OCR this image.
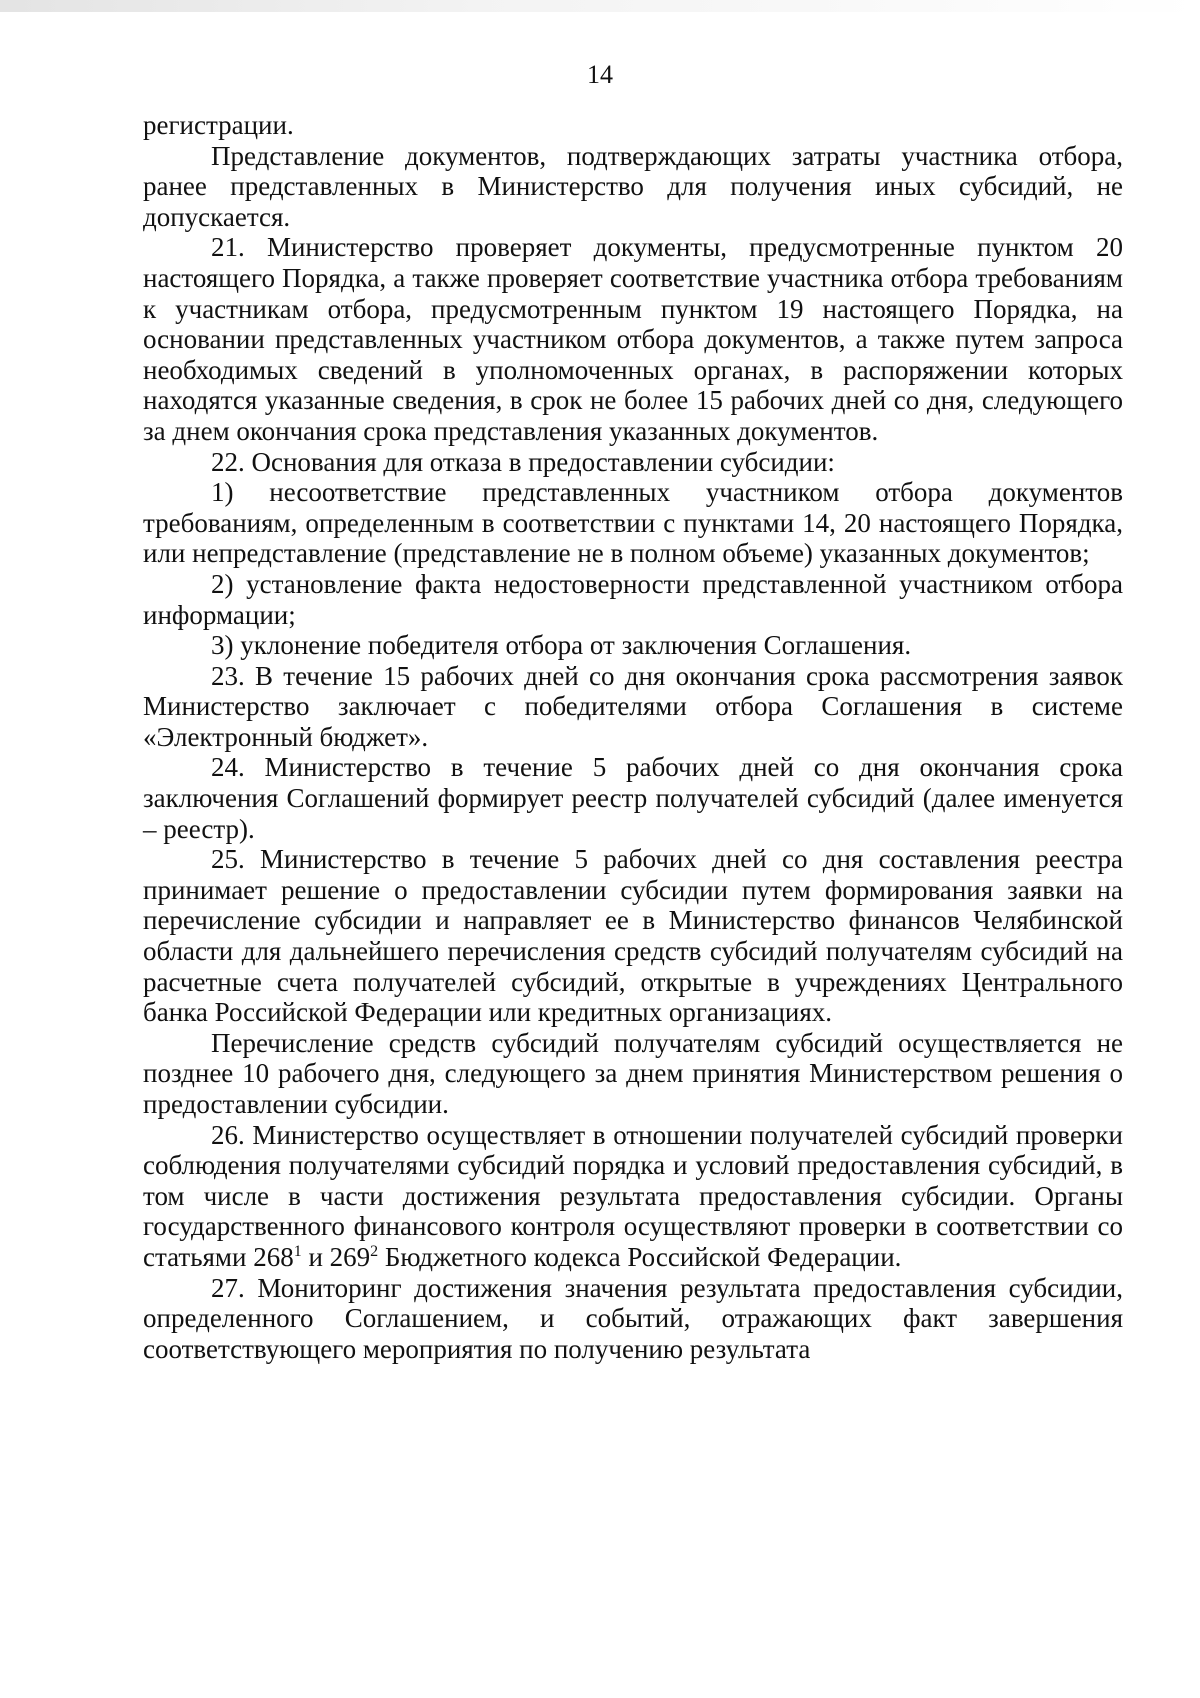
14

регистрации.

Представление документов, подтверждающих затраты участника отбора, ранее представленных в Министерство для получения иных субсидий, не допускается.

21. Министерство проверяет документы, предусмотренные пунктом 20 настоящего Порядка, а также проверяет соответствие участника отбора требованиям к участникам отбора, предусмотренным пунктом 19 настоящего Порядка, на основании представленных участником отбора документов, а также путем запроса необходимых сведений в уполномоченных органах, в распоряжении которых находятся указанные сведения, в срок не более 15 рабочих дней со дня, следующего за днем окончания срока представления указанных документов.

22. Основания для отказа в предоставлении субсидии:

1) несоответствие представленных участником отбора документов требованиям, определенным в соответствии с пунктами 14, 20 настоящего Порядка, или непредставление (представление не в полном объеме) указанных документов;

2) установление факта недостоверности представленной участником отбора информации;

3) уклонение победителя отбора от заключения Соглашения.

23. В течение 15 рабочих дней со дня окончания срока рассмотрения заявок Министерство заключает с победителями отбора Соглашения в системе «Электронный бюджет».

24. Министерство в течение 5 рабочих дней со дня окончания срока заключения Соглашений формирует реестр получателей субсидий (далее именуется – реестр).

25. Министерство в течение 5 рабочих дней со дня составления реестра принимает решение о предоставлении субсидии путем формирования заявки на перечисление субсидии и направляет ее в Министерство финансов Челябинской области для дальнейшего перечисления средств субсидий получателям субсидий на расчетные счета получателей субсидий, открытые в учреждениях Центрального банка Российской Федерации или кредитных организациях.

Перечисление средств субсидий получателям субсидий осуществляется не позднее 10 рабочего дня, следующего за днем принятия Министерством решения о предоставлении субсидии.

26. Министерство осуществляет в отношении получателей субсидий проверки соблюдения получателями субсидий порядка и условий предоставления субсидий, в том числе в части достижения результата предоставления субсидии. Органы государственного финансового контроля осуществляют проверки в соответствии со статьями $268^1$ и $269^2$ Бюджетного кодекса Российской Федерации.

27. Мониторинг достижения значения результата предоставления субсидии, определенного Соглашением, и событий, отражающих факт завершения соответствующего мероприятия по получению результата
